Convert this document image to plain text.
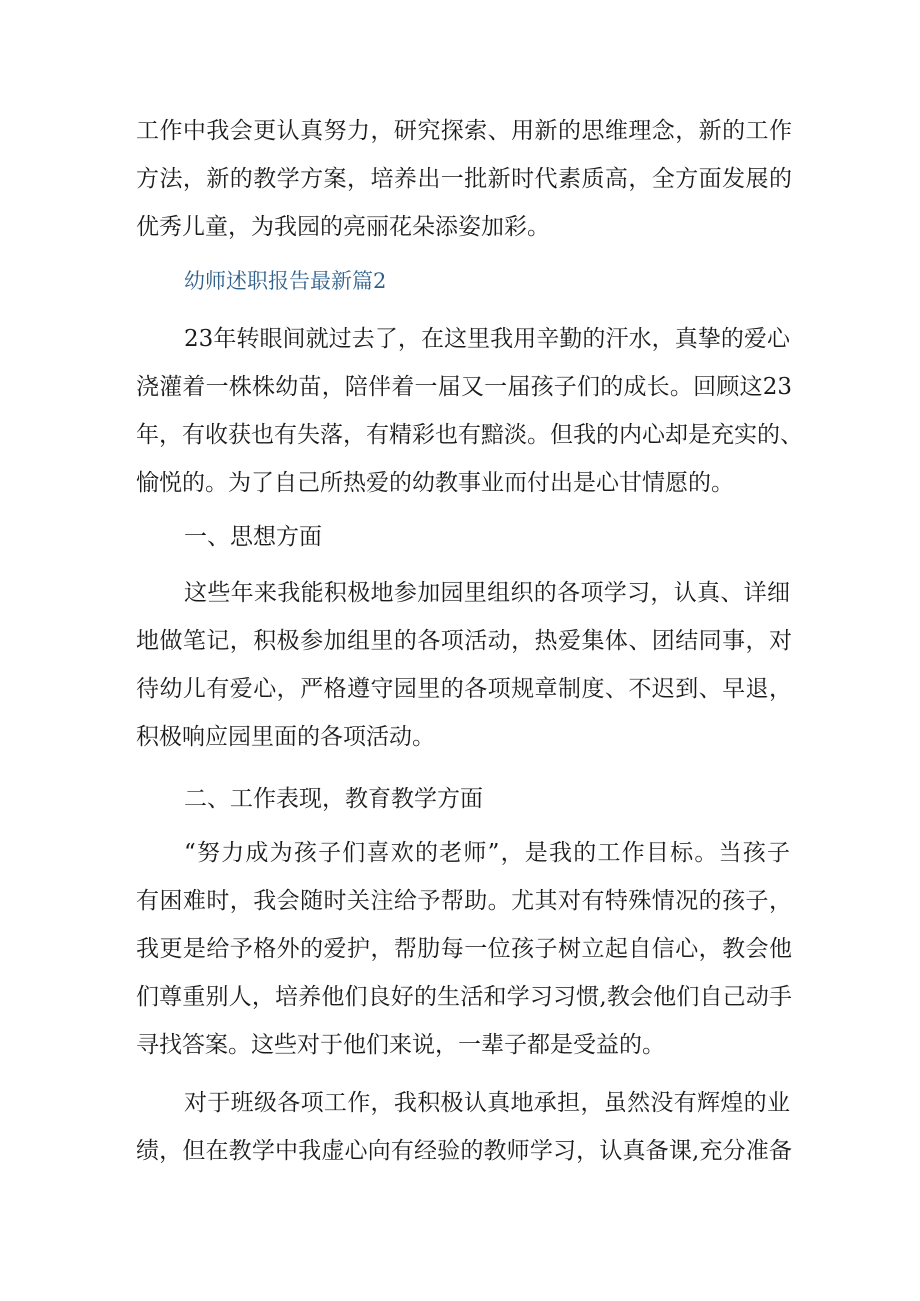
工作中我会更认真努力，研究探索、用新的思维理念，新的工作
方法，新的教学方案，培养出一批新时代素质高，全方面发展的
优秀儿童，为我园的亮丽花朵添姿加彩。
幼师述职报告最新篇2
23年转眼间就过去了，在这里我用辛勤的汗水，真挚的爱心
浇灌着一株株幼苗，陪伴着一届又一届孩子们的成长。回顾这23
年，有收获也有失落，有精彩也有黯淡。但我的内心却是充实的、
愉悦的。为了自己所热爱的幼教事业而付出是心甘情愿的。
一、思想方面
这些年来我能积极地参加园里组织的各项学习，认真、详细
地做笔记，积极参加组里的各项活动，热爱集体、团结同事，对
待幼儿有爱心，严格遵守园里的各项规章制度、不迟到、早退，
积极响应园里面的各项活动。
二、工作表现，教育教学方面
“努力成为孩子们喜欢的老师”，是我的工作目标。当孩子
有困难时，我会随时关注给予帮助。尤其对有特殊情况的孩子，
我更是给予格外的爱护，帮肋每一位孩子树立起自信心，教会他
们尊重别人，培养他们良好的生活和学习习惯,教会他们自己动手
寻找答案。这些对于他们来说，一辈子都是受益的。
对于班级各项工作，我积极认真地承担，虽然没有辉煌的业
绩，但在教学中我虚心向有经验的教师学习，认真备课,充分准备
